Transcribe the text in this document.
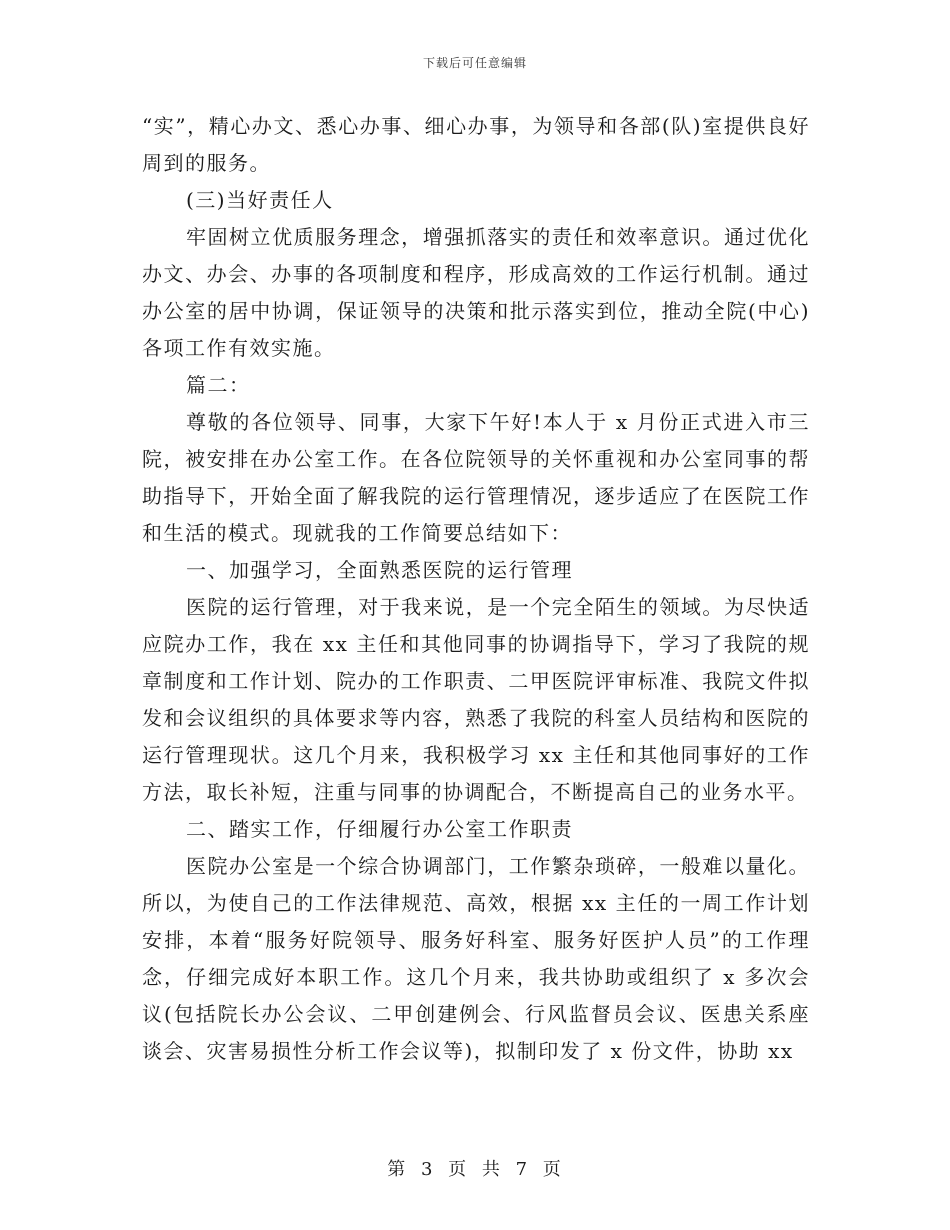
下载后可任意编辑

“实”，精心办文、悉心办事、细心办事，为领导和各部(队)室提供良好周到的服务。

(三)当好责任人

牢固树立优质服务理念，增强抓落实的责任和效率意识。通过优化办文、办会、办事的各项制度和程序，形成高效的工作运行机制。通过办公室的居中协调，保证领导的决策和批示落实到位，推动全院(中心)各项工作有效实施。

篇二：

尊敬的各位领导、同事，大家下午好!本人于 x 月份正式进入市三院，被安排在办公室工作。在各位院领导的关怀重视和办公室同事的帮助指导下，开始全面了解我院的运行管理情况，逐步适应了在医院工作和生活的模式。现就我的工作简要总结如下：

一、加强学习，全面熟悉医院的运行管理

医院的运行管理，对于我来说，是一个完全陌生的领域。为尽快适应院办工作，我在 xx 主任和其他同事的协调指导下，学习了我院的规章制度和工作计划、院办的工作职责、二甲医院评审标准、我院文件拟发和会议组织的具体要求等内容，熟悉了我院的科室人员结构和医院的运行管理现状。这几个月来，我积极学习 xx 主任和其他同事好的工作方法，取长补短，注重与同事的协调配合，不断提高自己的业务水平。

二、踏实工作，仔细履行办公室工作职责

医院办公室是一个综合协调部门，工作繁杂琐碎，一般难以量化。所以，为使自己的工作法律规范、高效，根据 xx 主任的一周工作计划安排，本着“服务好院领导、服务好科室、服务好医护人员”的工作理念，仔细完成好本职工作。这几个月来，我共协助或组织了 x 多次会议(包括院长办公会议、二甲创建例会、行风监督员会议、医患关系座谈会、灾害易损性分析工作会议等)，拟制印发了 x 份文件，协助 xx

第 3 页 共 7 页
